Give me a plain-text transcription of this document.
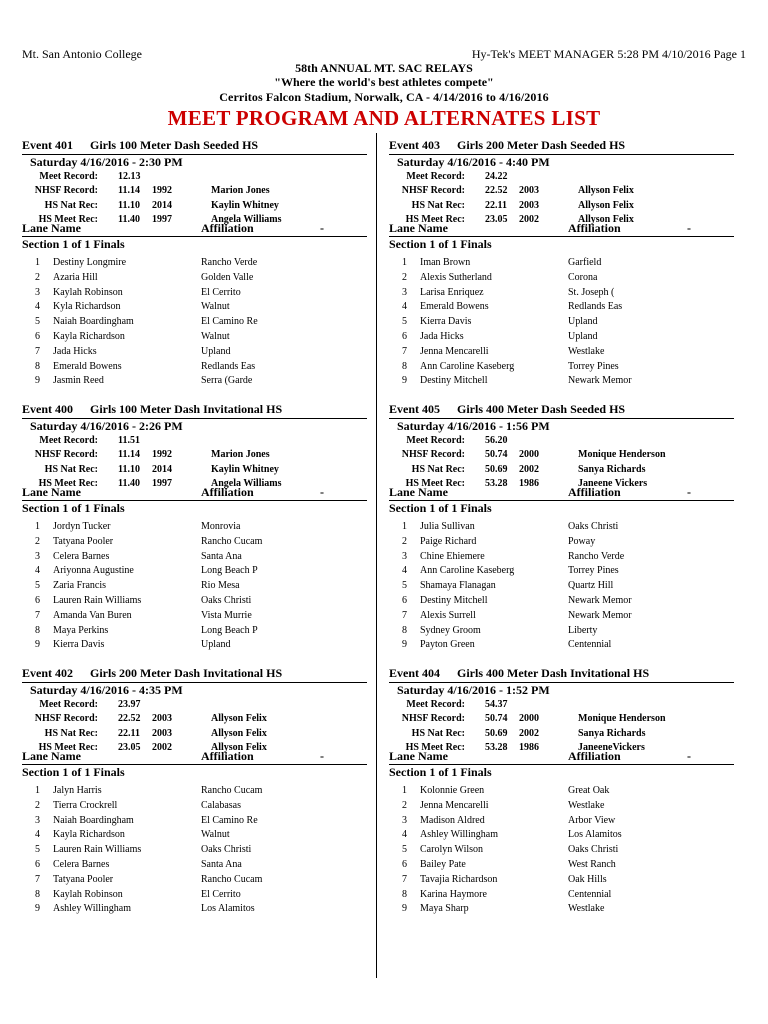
Mt. San Antonio College	Hy-Tek's MEET MANAGER 5:28 PM 4/10/2016 Page 1
58th ANNUAL MT. SAC RELAYS
"Where the world's best athletes compete"
Cerritos Falcon Stadium, Norwalk, CA - 4/14/2016 to 4/16/2016
MEET PROGRAM AND ALTERNATES LIST
Event 401 Girls 100 Meter Dash Seeded HS
Saturday 4/16/2016 - 2:30 PM
Lane Name	Affiliation	-
Section 1 of 1 Finals
Meet Record: 12.13
NHSF Record: 11.14 1992	Marion Jones
HS Nat Rec: 11.10 2014	Kaylin Whitney
HS Meet Rec: 11.40 1997	Angela Williams
1 Destiny Longmire	Rancho Verde
2 Azaria Hill	Golden Valle
3 Kaylah Robinson	El Cerrito
4 Kyla Richardson	Walnut
5 Naiah Boardingham	El Camino Re
6 Kayla Richardson	Walnut
7 Jada Hicks	Upland
8 Emerald Bowens	Redlands Eas
9 Jasmin Reed	Serra (Garde
Event 400 Girls 100 Meter Dash Invitational HS
Saturday 4/16/2016 - 2:26 PM
Lane Name	Affiliation	-
Section 1 of 1 Finals
Meet Record: 11.51
NHSF Record: 11.14 1992	Marion Jones
HS Nat Rec: 11.10 2014	Kaylin Whitney
HS Meet Rec: 11.40 1997	Angela Williams
1 Jordyn Tucker	Monrovia
2 Tatyana Pooler	Rancho Cucam
3 Celera Barnes	Santa Ana
4 Ariyonna Augustine	Long Beach P
5 Zaria Francis	Rio Mesa
6 Lauren Rain Williams	Oaks Christi
7 Amanda Van Buren	Vista Murrie
8 Maya Perkins	Long Beach P
9 Kierra Davis	Upland
Event 402 Girls 200 Meter Dash Invitational HS
Saturday 4/16/2016 - 4:35 PM
Lane Name	Affiliation	-
Section 1 of 1 Finals
Meet Record: 23.97
NHSF Record: 22.52 2003	Allyson Felix
HS Nat Rec: 22.11 2003	Allyson Felix
HS Meet Rec: 23.05 2002	Allyson Felix
1 Jalyn Harris	Rancho Cucam
2 Tierra Crockrell	Calabasas
3 Naiah Boardingham	El Camino Re
4 Kayla Richardson	Walnut
5 Lauren Rain Williams	Oaks Christi
6 Celera Barnes	Santa Ana
7 Tatyana Pooler	Rancho Cucam
8 Kaylah Robinson	El Cerrito
9 Ashley Willingham	Los Alamitos
Event 403 Girls 200 Meter Dash Seeded HS
Saturday 4/16/2016 - 4:40 PM
Lane Name	Affiliation	-
Section 1 of 1 Finals
Meet Record: 24.22
NHSF Record: 22.52 2003	Allyson Felix
HS Nat Rec: 22.11 2003	Allyson Felix
HS Meet Rec: 23.05 2002	Allyson Felix
1 Iman Brown	Garfield
2 Alexis Sutherland	Corona
3 Larisa Enriquez	St. Joseph (
4 Emerald Bowens	Redlands Eas
5 Kierra Davis	Upland
6 Jada Hicks	Upland
7 Jenna Mencarelli	Westlake
8 Ann Caroline Kaseberg	Torrey Pines
9 Destiny Mitchell	Newark Memor
Event 405 Girls 400 Meter Dash Seeded HS
Saturday 4/16/2016 - 1:56 PM
Lane Name	Affiliation	-
Section 1 of 1 Finals
Meet Record: 56.20
NHSF Record: 50.74 2000	Monique Henderson
HS Nat Rec: 50.69 2002	Sanya Richards
HS Meet Rec: 53.28 1986	Janeene Vickers
1 Julia Sullivan	Oaks Christi
2 Paige Richard	Poway
3 Chine Ehiemere	Rancho Verde
4 Ann Caroline Kaseberg	Torrey Pines
5 Shamaya Flanagan	Quartz Hill
6 Destiny Mitchell	Newark Memor
7 Alexis Surrell	Newark Memor
8 Sydney Groom	Liberty
9 Payton Green	Centennial
Event 404 Girls 400 Meter Dash Invitational HS
Saturday 4/16/2016 - 1:52 PM
Lane Name	Affiliation	-
Section 1 of 1 Finals
Meet Record: 54.37
NHSF Record: 50.74 2000	Monique Henderson
HS Nat Rec: 50.69 2002	Sanya Richards
HS Meet Rec: 53.28 1986	JaneeneVickers
1 Kolonnie Green	Great Oak
2 Jenna Mencarelli	Westlake
3 Madison Aldred	Arbor View
4 Ashley Willingham	Los Alamitos
5 Carolyn Wilson	Oaks Christi
6 Bailey Pate	West Ranch
7 Tavajia Richardson	Oak Hills
8 Karina Haymore	Centennial
9 Maya Sharp	Westlake
